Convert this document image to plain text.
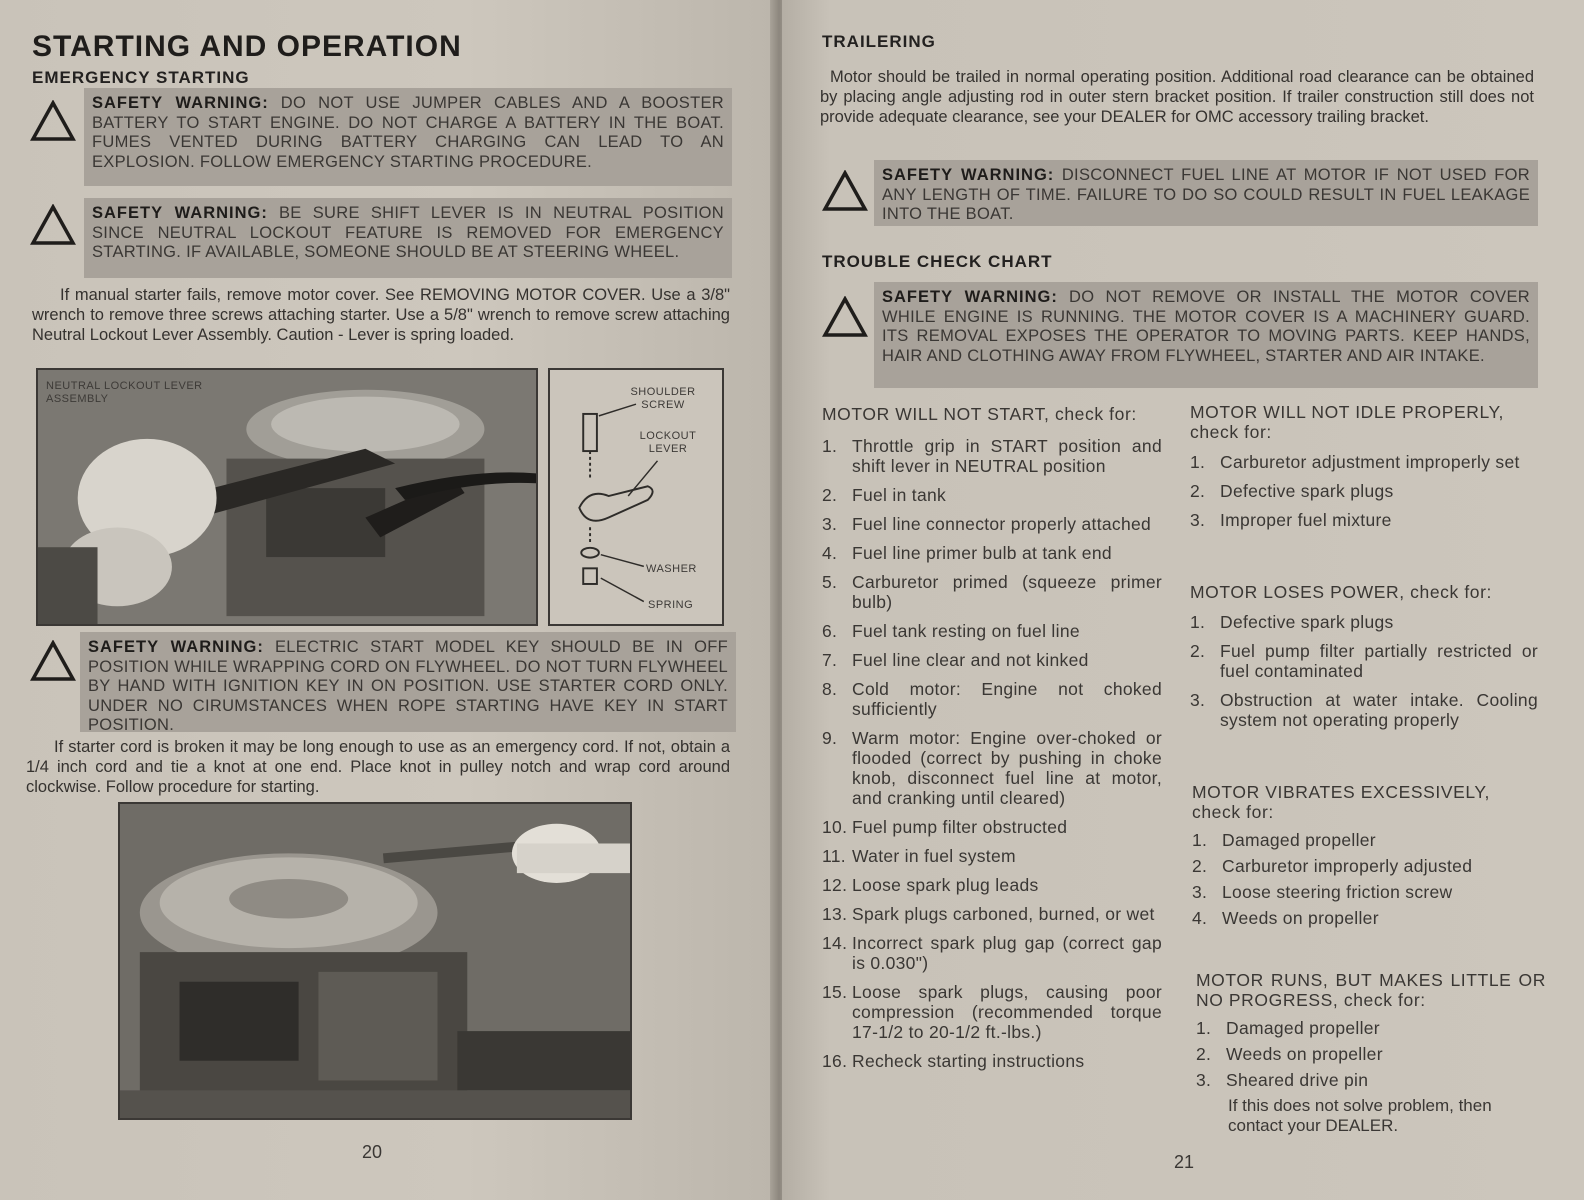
STARTING AND OPERATION
EMERGENCY STARTING
SAFETY WARNING: DO NOT USE JUMPER CABLES AND A BOOSTER BATTERY TO START ENGINE. DO NOT CHARGE A BATTERY IN THE BOAT. FUMES VENTED DURING BATTERY CHARGING CAN LEAD TO AN EXPLOSION. FOLLOW EMERGENCY STARTING PROCEDURE.
SAFETY WARNING: BE SURE SHIFT LEVER IS IN NEUTRAL POSITION SINCE NEUTRAL LOCKOUT FEATURE IS REMOVED FOR EMERGENCY STARTING. IF AVAILABLE, SOMEONE SHOULD BE AT STEERING WHEEL.
If manual starter fails, remove motor cover. See REMOVING MOTOR COVER. Use a 3/8" wrench to remove three screws attaching starter. Use a 5/8" wrench to remove screw attaching Neutral Lockout Lever Assembly. Caution - Lever is spring loaded.
NEUTRAL LOCKOUT LEVER ASSEMBLY
SHOULDER SCREW
LOCKOUT LEVER
WASHER
SPRING
SAFETY WARNING: ELECTRIC START MODEL KEY SHOULD BE IN OFF POSITION WHILE WRAPPING CORD ON FLYWHEEL. DO NOT TURN FLYWHEEL BY HAND WITH IGNITION KEY IN ON POSITION. USE STARTER CORD ONLY. UNDER NO CIRUMSTANCES WHEN ROPE STARTING HAVE KEY IN START POSITION.
If starter cord is broken it may be long enough to use as an emergency cord. If not, obtain a 1/4 inch cord and tie a knot at one end. Place knot in pulley notch and wrap cord around clockwise. Follow procedure for starting.
20
TRAILERING
Motor should be trailed in normal operating position. Additional road clearance can be obtained by placing angle adjusting rod in outer stern bracket position. If trailer construction still does not provide adequate clearance, see your DEALER for OMC accessory trailing bracket.
SAFETY WARNING: DISCONNECT FUEL LINE AT MOTOR IF NOT USED FOR ANY LENGTH OF TIME. FAILURE TO DO SO COULD RESULT IN FUEL LEAKAGE INTO THE BOAT.
TROUBLE CHECK CHART
SAFETY WARNING: DO NOT REMOVE OR INSTALL THE MOTOR COVER WHILE ENGINE IS RUNNING. THE MOTOR COVER IS A MACHINERY GUARD. ITS REMOVAL EXPOSES THE OPERATOR TO MOVING PARTS. KEEP HANDS, HAIR AND CLOTHING AWAY FROM FLYWHEEL, STARTER AND AIR INTAKE.
MOTOR WILL NOT START, check for:
1. Throttle grip in START position and shift lever in NEUTRAL position
2. Fuel in tank
3. Fuel line connector properly attached
4. Fuel line primer bulb at tank end
5. Carburetor primed (squeeze primer bulb)
6. Fuel tank resting on fuel line
7. Fuel line clear and not kinked
8. Cold motor: Engine not choked sufficiently
9. Warm motor: Engine over-choked or flooded (correct by pushing in choke knob, disconnect fuel line at motor, and cranking until cleared)
10. Fuel pump filter obstructed
11. Water in fuel system
12. Loose spark plug leads
13. Spark plugs carboned, burned, or wet
14. Incorrect spark plug gap (correct gap is 0.030")
15. Loose spark plugs, causing poor compression (recommended torque 17-1/2 to 20-1/2 ft.-lbs.)
16. Recheck starting instructions
MOTOR WILL NOT IDLE PROPERLY,
check for:
1. Carburetor adjustment improperly set
2. Defective spark plugs
3. Improper fuel mixture
MOTOR LOSES POWER, check for:
1. Defective spark plugs
2. Fuel pump filter partially restricted or fuel contaminated
3. Obstruction at water intake. Cooling system not operating properly
MOTOR VIBRATES EXCESSIVELY,
check for:
1. Damaged propeller
2. Carburetor improperly adjusted
3. Loose steering friction screw
4. Weeds on propeller
MOTOR RUNS, BUT MAKES LITTLE OR NO PROGRESS, check for:
1. Damaged propeller
2. Weeds on propeller
3. Sheared drive pin
If this does not solve problem, then contact your DEALER.
21
